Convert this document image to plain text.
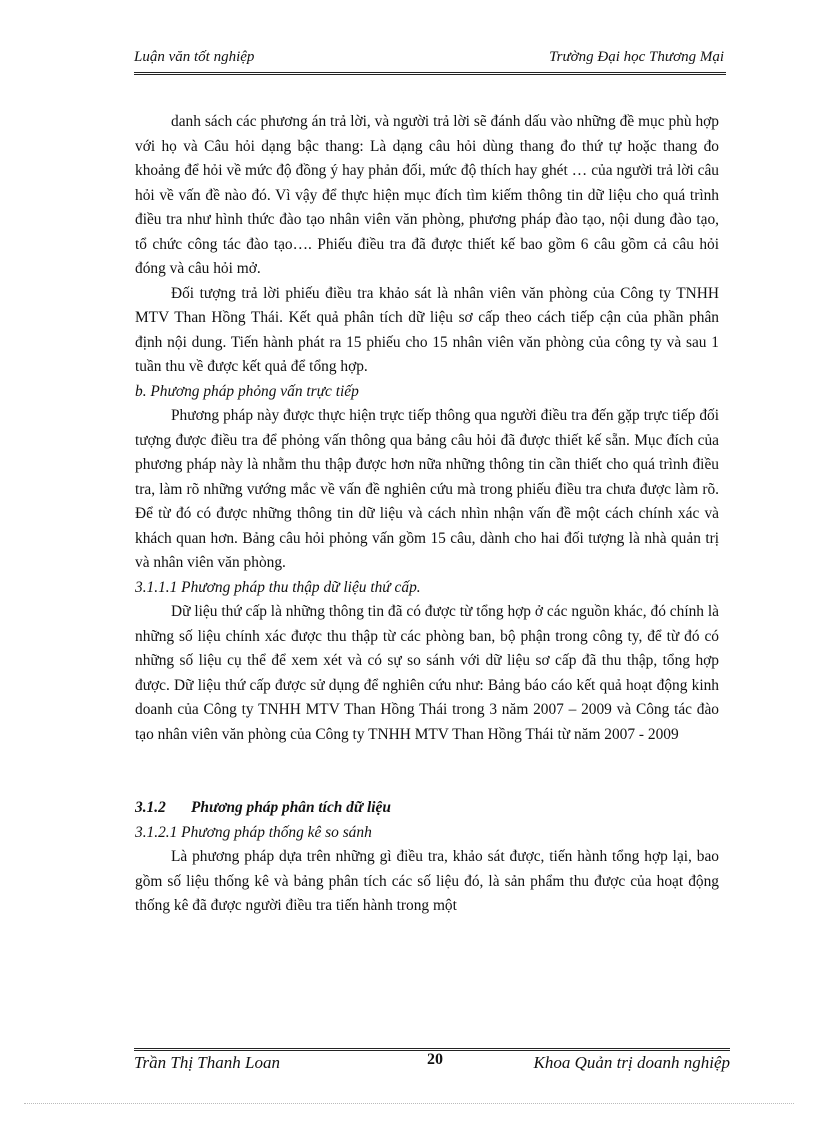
Luận văn tốt nghiệp	Trường Đại học Thương Mại

danh sách các phương án trả lời, và người trả lời sẽ đánh dấu vào những đề mục phù hợp với họ và Câu hỏi dạng bậc thang: Là dạng câu hỏi dùng thang đo thứ tự hoặc thang đo khoảng để hỏi về mức độ đồng ý hay phản đối, mức độ thích hay ghét … của người trả lời câu hỏi về vấn đề nào đó. Vì vậy để thực hiện mục đích tìm kiếm thông tin dữ liệu cho quá trình điều tra như hình thức đào tạo nhân viên văn phòng, phương pháp đào tạo, nội dung đào tạo, tổ chức công tác đào tạo…. Phiếu điều tra đã được thiết kế bao gồm 6 câu gồm cả câu hỏi đóng và câu hỏi mở.

Đối tượng trả lời phiếu điều tra khảo sát là nhân viên văn phòng của Công ty TNHH MTV Than Hồng Thái. Kết quả phân tích dữ liệu sơ cấp theo cách tiếp cận của phần phân định nội dung. Tiến hành phát ra 15 phiếu cho 15 nhân viên văn phòng của công ty và sau 1 tuần thu về được kết quả để tổng hợp.

b. Phương pháp phỏng vấn trực tiếp

Phương pháp này được thực hiện trực tiếp thông qua người điều tra đến gặp trực tiếp đối tượng được điều tra để phỏng vấn thông qua bảng câu hỏi đã được thiết kế sẵn. Mục đích của phương pháp này là nhằm thu thập được hơn nữa những thông tin cần thiết cho quá trình điều tra, làm rõ những vướng mắc về vấn đề nghiên cứu mà trong phiếu điều tra chưa được làm rõ. Để từ đó có được những thông tin dữ liệu và cách nhìn nhận vấn đề một cách chính xác và khách quan hơn. Bảng câu hỏi phỏng vấn gồm 15 câu, dành cho hai đối tượng là nhà quản trị và nhân viên văn phòng.

3.1.1.1 Phương pháp thu thập dữ liệu thứ cấp.

Dữ liệu thứ cấp là những thông tin đã có được từ tổng hợp ở các nguồn khác, đó chính là những số liệu chính xác được thu thập từ các phòng ban, bộ phận trong công ty, để từ đó có những số liệu cụ thể để xem xét và có sự so sánh với dữ liệu sơ cấp đã thu thập, tổng hợp được. Dữ liệu thứ cấp được sử dụng để nghiên cứu như: Bảng báo cáo kết quả hoạt động kinh doanh của Công ty TNHH MTV Than Hồng Thái trong 3 năm 2007 – 2009 và Công tác đào tạo nhân viên văn phòng của Công ty TNHH MTV Than Hồng Thái từ năm 2007 - 2009

3.1.2 Phương pháp phân tích dữ liệu

3.1.2.1 Phương pháp thống kê so sánh

Là phương pháp dựa trên những gì điều tra, khảo sát được, tiến hành tổng hợp lại, bao gồm số liệu thống kê và bảng phân tích các số liệu đó, là sản phẩm thu được của hoạt động thống kê đã được người điều tra tiến hành trong một

Trần Thị Thanh Loan	20	Khoa Quản trị doanh nghiệp
